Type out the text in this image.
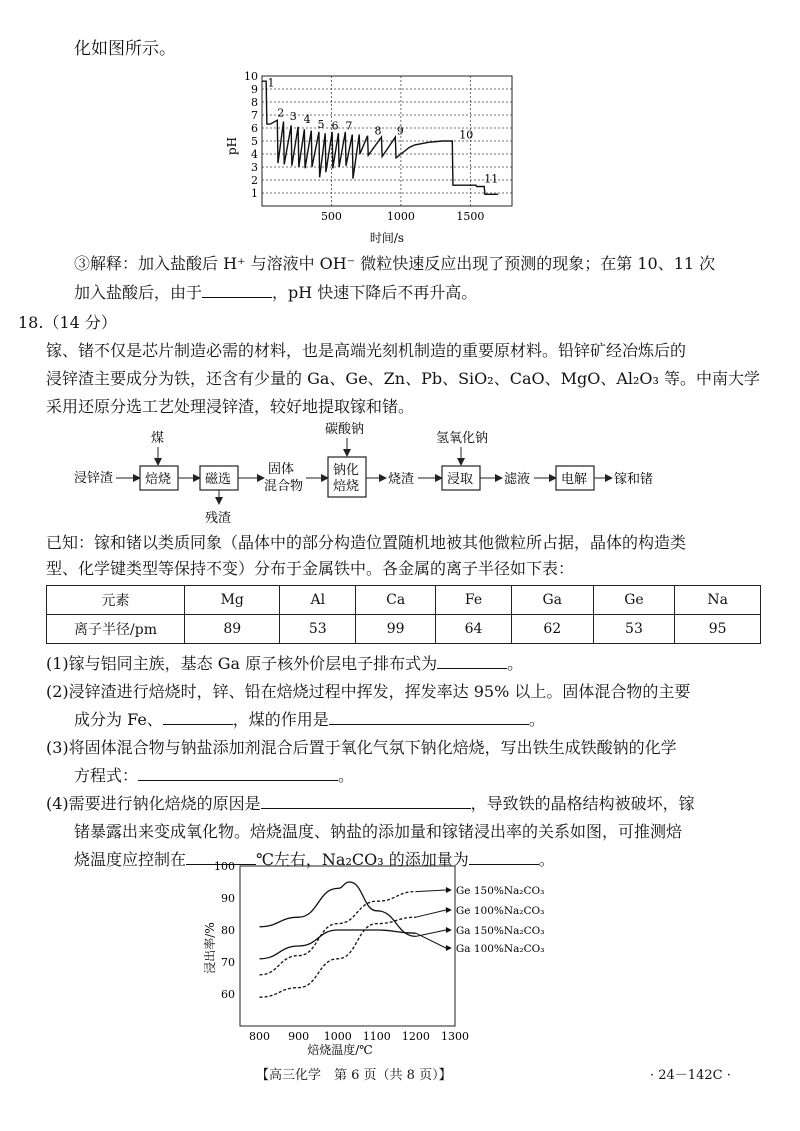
化如图所示。
1
2
3
4
5
6
7
8
9
10
500	1000	1500
1
2 3 4 5 6 7 8 9	10
11
pH
时间/s
③解释：加入盐酸后 H⁺ 与溶液中 OH⁻ 微粒快速反应出现了预测的现象；在第 10、11 次
加入盐酸后，由于	，pH 快速下降后不再升高。
18.（14 分）
镓、锗不仅是芯片制造必需的材料，也是高端光刻机制造的重要原材料。铅锌矿经冶炼后的
浸锌渣主要成分为铁，还含有少量的 Ga、Ge、Zn、Pb、SiO₂、CaO、MgO、Al₂O₃ 等。中南大学
采用还原分选工艺处理浸锌渣，较好地提取镓和锗。
浸锌渣
煤
焙烧	磁选
残渣
固体
混合物
碳酸钠
钠化
焙烧 烧渣
氢氧化钠
浸取 滤液 电解 镓和锗
已知：镓和锗以类质同象（晶体中的部分构造位置随机地被其他微粒所占据，晶体的构造类
型、化学键类型等保持不变）分布于金属铁中。各金属的离子半径如下表：
元素	Mg	Al	Ca	Fe	Ga	Ge	Na
离子半径/pm	89	53	99	64	62	53	95
(1)镓与铝同主族，基态 Ga 原子核外价层电子排布式为	。
(2)浸锌渣进行焙烧时，锌、铅在焙烧过程中挥发，挥发率达 95% 以上。固体混合物的主要
成分为 Fe、	，煤的作用是	。
(3)将固体混合物与钠盐添加剂混合后置于氧化气氛下钠化焙烧，写出铁生成铁酸钠的化学
方程式：	。
(4)需要进行钠化焙烧的原因是	，导致铁的晶格结构被破坏，镓
锗暴露出来变成氧化物。焙烧温度、钠盐的添加量和镓锗浸出率的关系如图，可推测焙
烧温度应控制在	℃左右，Na₂CO₃ 的添加量为	。
60
70
80
90
100
800 900 1000 1100 1200 1300
Ge 150%Na₂CO₃
Ge 100%Na₂CO₃
Ga 150%Na₂CO₃
Ga 100%Na₂CO₃
浸出率/%
焙烧温度/℃
【高三化学　第 6 页（共 8 页）】	· 24－142C ·
